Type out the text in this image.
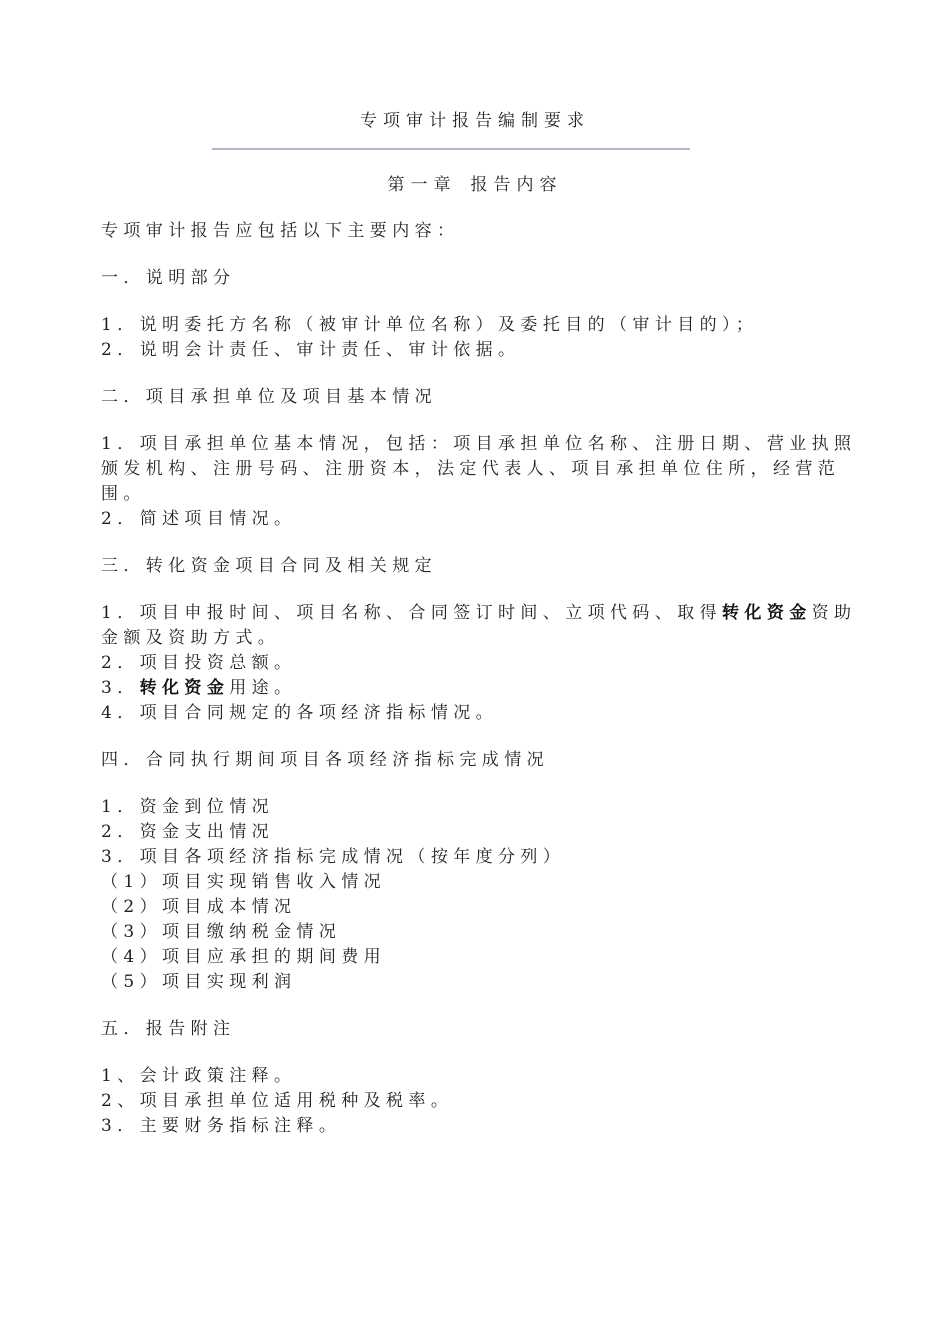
专项审计报告编制要求
第一章 报告内容

专项审计报告应包括以下主要内容：

一．说明部分

1．说明委托方名称（被审计单位名称）及委托目的（审计目的）；

2．说明会计责任、审计责任、审计依据。

二．项目承担单位及项目基本情况

1．项目承担单位基本情况，包括：项目承担单位名称、注册日期、营业执照颁发机构、注册号码、注册资本，法定代表人、项目承担单位住所，经营范围。

2．简述项目情况。

三．转化资金项目合同及相关规定

1．项目申报时间、项目名称、合同签订时间、立项代码、取得转化资金资助金额及资助方式。

2．项目投资总额。

3．转化资金用途。

4．项目合同规定的各项经济指标情况。

四．合同执行期间项目各项经济指标完成情况

1．资金到位情况

2．资金支出情况

3．项目各项经济指标完成情况（按年度分列）

（1）项目实现销售收入情况

（2）项目成本情况

（3）项目缴纳税金情况

（4）项目应承担的期间费用

（5）项目实现利润

五．报告附注

1、会计政策注释。

2、项目承担单位适用税种及税率。

3．主要财务指标注释。
